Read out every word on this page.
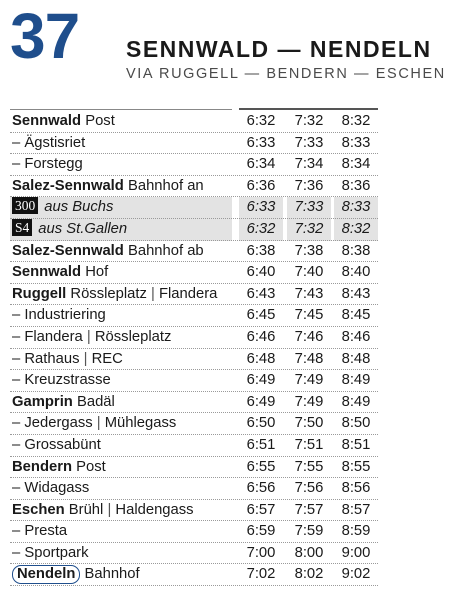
37 SENNWALD — NENDELN
VIA RUGGELL — BENDERN — ESCHEN
Sennwald Post	6:32	7:32	8:32
– Ägstisriet	6:33	7:33	8:33
– Forstegg	6:34	7:34	8:34
Salez-Sennwald Bahnhof an	6:36	7:36	8:36
300 aus Buchs	6:33	7:33	8:33
S4 aus St.Gallen	6:32	7:32	8:32
Salez-Sennwald Bahnhof ab	6:38	7:38	8:38
Sennwald Hof	6:40	7:40	8:40
Ruggell Rössleplatz | Flandera	6:43	7:43	8:43
– Industriering	6:45	7:45	8:45
– Flandera | Rössleplatz	6:46	7:46	8:46
– Rathaus | REC	6:48	7:48	8:48
– Kreuzstrasse	6:49	7:49	8:49
Gamprin Badäl	6:49	7:49	8:49
– Jedergass | Mühlegass	6:50	7:50	8:50
– Grossabünt	6:51	7:51	8:51
Bendern Post	6:55	7:55	8:55
– Widagass	6:56	7:56	8:56
Eschen Brühl | Haldengass	6:57	7:57	8:57
– Presta	6:59	7:59	8:59
– Sportpark	7:00	8:00	9:00
Nendeln Bahnhof	7:02	8:02	9:02
